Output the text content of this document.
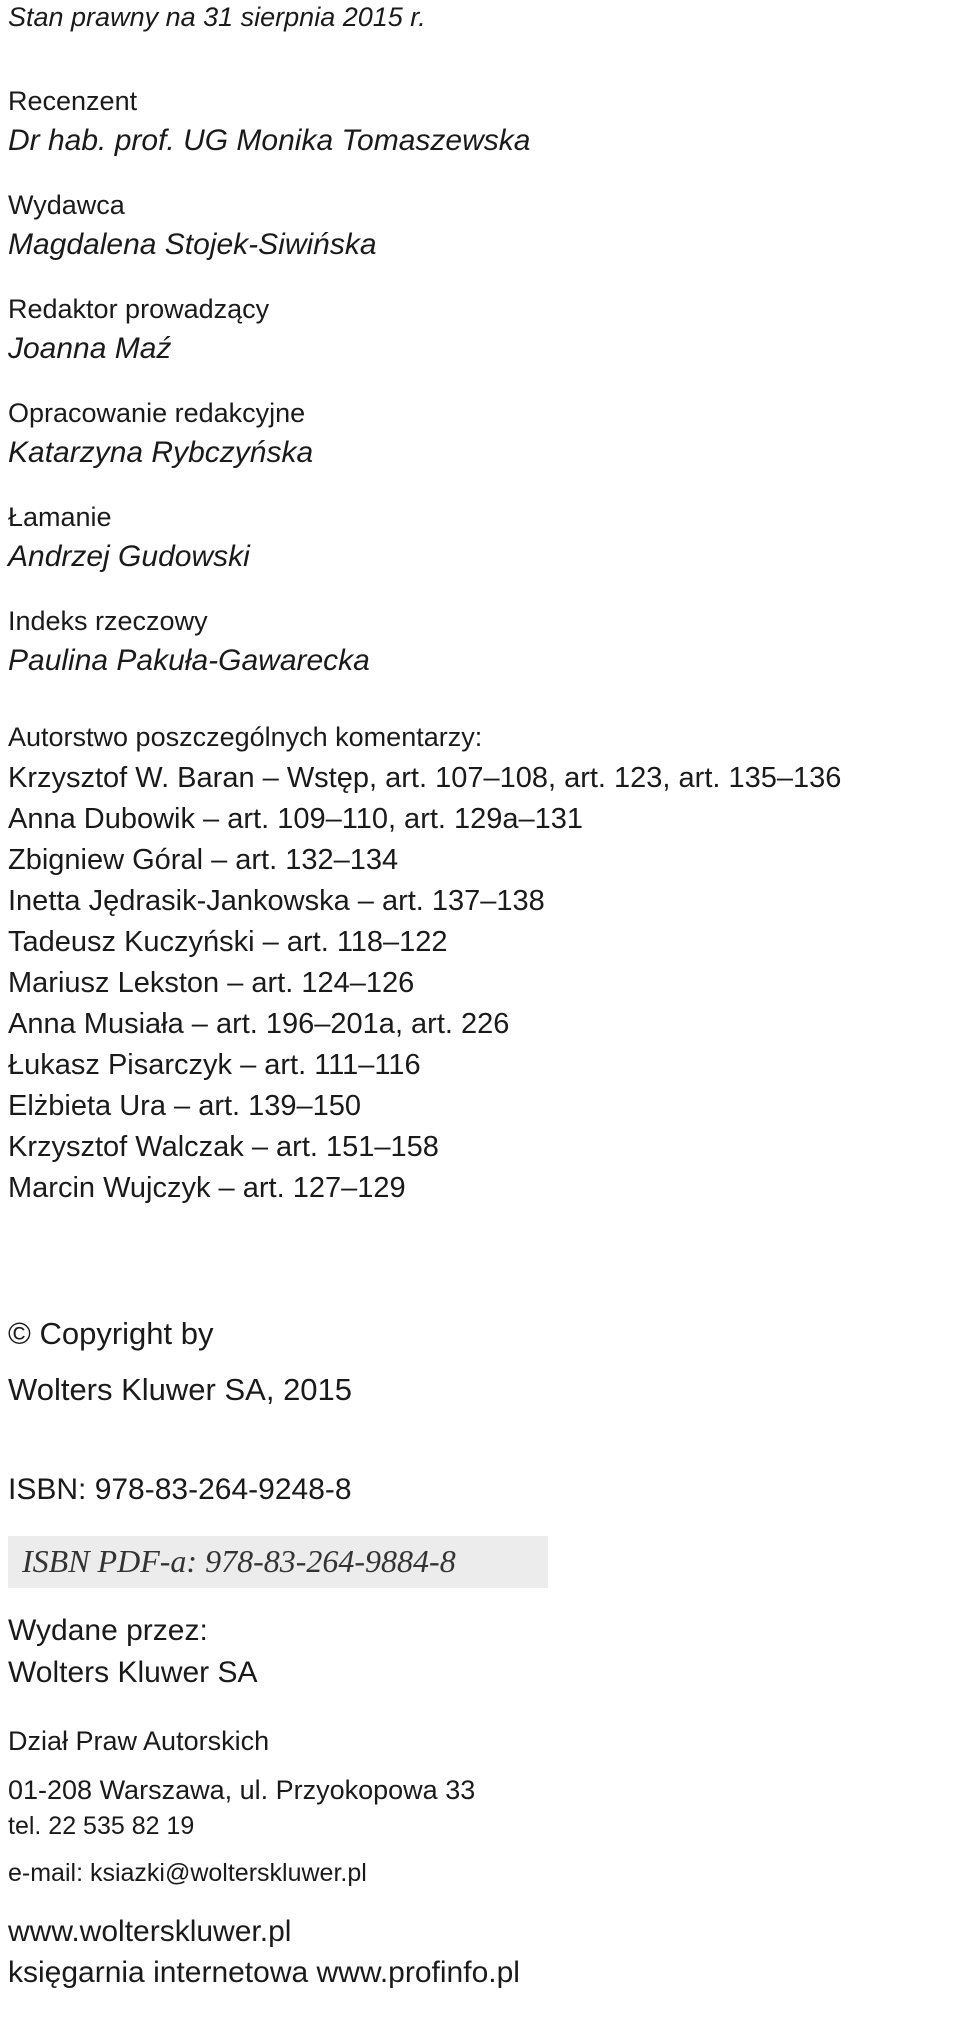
Stan prawny na 31 sierpnia 2015 r.

Recenzent

Dr hab. prof. UG Monika Tomaszewska

Wydawca

Magdalena Stojek-Siwińska

Redaktor prowadzący

Joanna Maź

Opracowanie redakcyjne

Katarzyna Rybczyńska

Łamanie

Andrzej Gudowski

Indeks rzeczowy

Paulina Pakuła-Gawarecka

Autorstwo poszczególnych komentarzy:

Krzysztof W. Baran – Wstęp, art. 107–108, art. 123, art. 135–136

Anna Dubowik – art. 109–110, art. 129a–131

Zbigniew Góral – art. 132–134

Inetta Jędrasik-Jankowska – art. 137–138

Tadeusz Kuczyński – art. 118–122

Mariusz Lekston – art. 124–126

Anna Musiała – art. 196–201a, art. 226

Łukasz Pisarczyk – art. 111–116

Elżbieta Ura – art. 139–150

Krzysztof Walczak – art. 151–158

Marcin Wujczyk – art. 127–129

© Copyright by

Wolters Kluwer SA, 2015

ISBN: 978-83-264-9248-8

ISBN PDF-a: 978-83-264-9884-8

Wydane przez:

Wolters Kluwer SA

Dział Praw Autorskich

01-208 Warszawa, ul. Przyokopowa 33

tel. 22 535 82 19

e-mail: ksiazki@wolterskluwer.pl

www.wolterskluwer.pl

księgarnia internetowa www.profinfo.pl
